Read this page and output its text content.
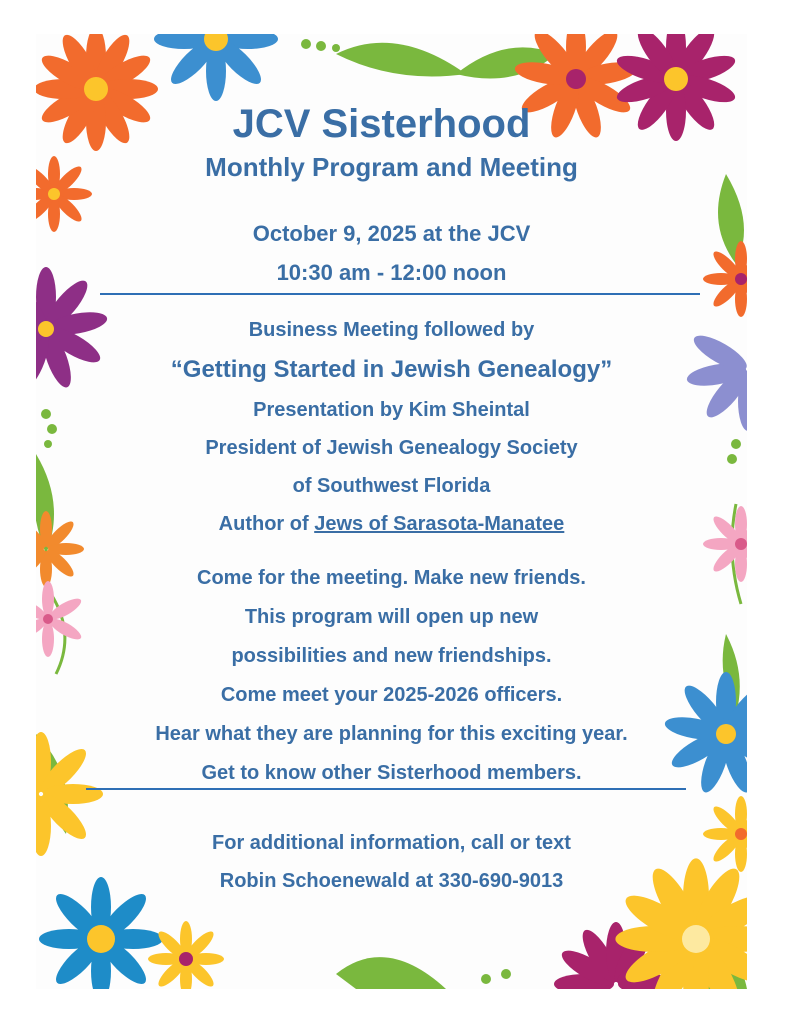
JCV Sisterhood
Monthly Program and Meeting
October 9, 2025 at the JCV
10:30 am - 12:00 noon
Business Meeting followed by
“Getting Started in Jewish Genealogy”
Presentation by Kim Sheintal
President of Jewish Genealogy Society
of Southwest Florida
Author of Jews of Sarasota-Manatee
Come for the meeting. Make new friends.
This program will open up new
possibilities and new friendships.
Come meet your 2025-2026 officers.
Hear what they are planning for this exciting year.
Get to know other Sisterhood members.
For additional information, call or text
Robin Schoenewald at 330-690-9013
